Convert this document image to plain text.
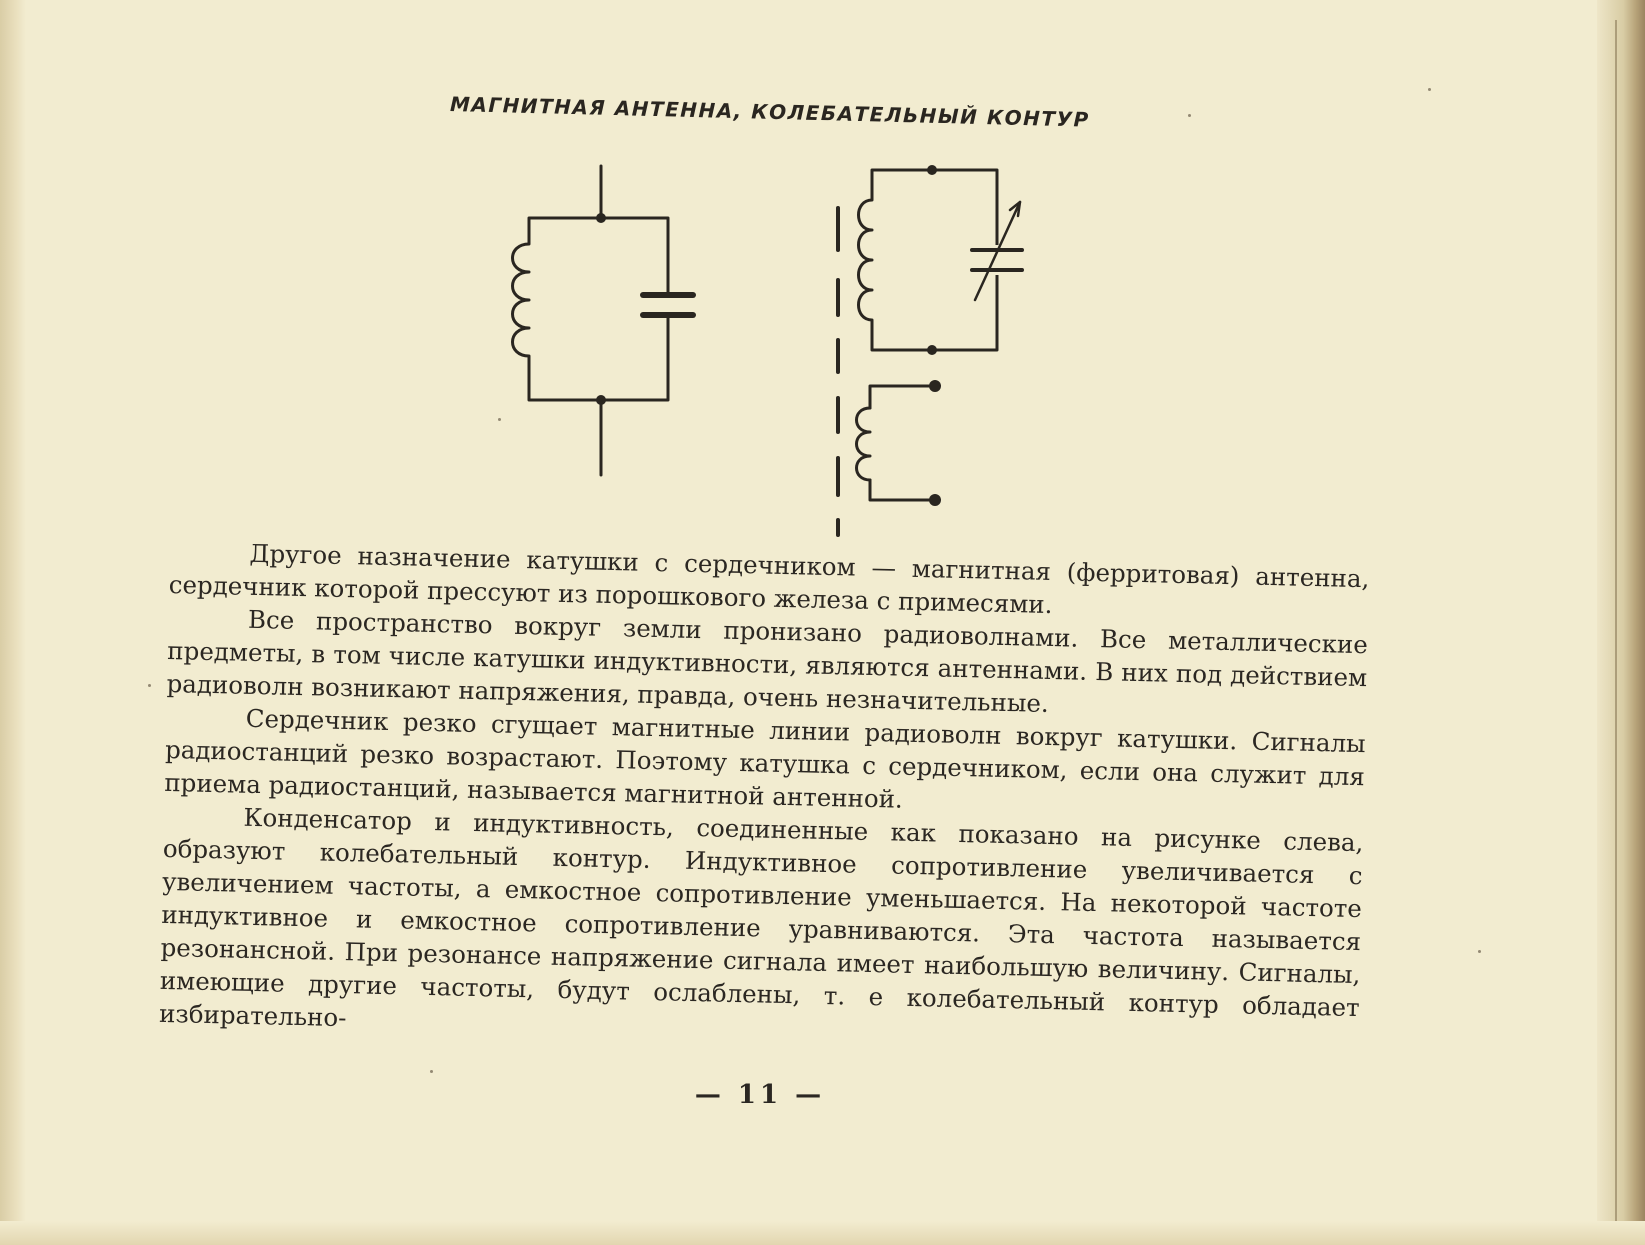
МАГНИТНАЯ АНТЕННА, КОЛЕБАТЕЛЬНЫЙ КОНТУР

Другое назначение катушки с сердечником — магнитная (ферритовая) антенна, сердечник которой прессуют из порошкового железа с примесями.

Все пространство вокруг земли пронизано радиоволнами. Все металлические предметы, в том числе катушки индуктивности, являются антеннами. В них под действием радиоволн возникают напряжения, правда, очень незначительные.

Сердечник резко сгущает магнитные линии радиоволн вокруг катушки. Сигналы радиостанций резко возрастают. Поэтому катушка с сердечником, если она служит для приема радиостанций, называется магнитной антенной.

Конденсатор и индуктивность, соединенные как показано на рисунке слева, образуют колебательный контур. Индуктивное сопротивление увеличивается с увеличением частоты, а емкостное сопротивление уменьшается. На некоторой частоте индуктивное и емкостное сопротивление уравниваются. Эта частота называется резонансной. При резонансе напряжение сигнала имеет наибольшую величину. Сигналы, имеющие другие частоты, будут ослаблены, т. е колебательный контур обладает избирательно-

— 11 —
